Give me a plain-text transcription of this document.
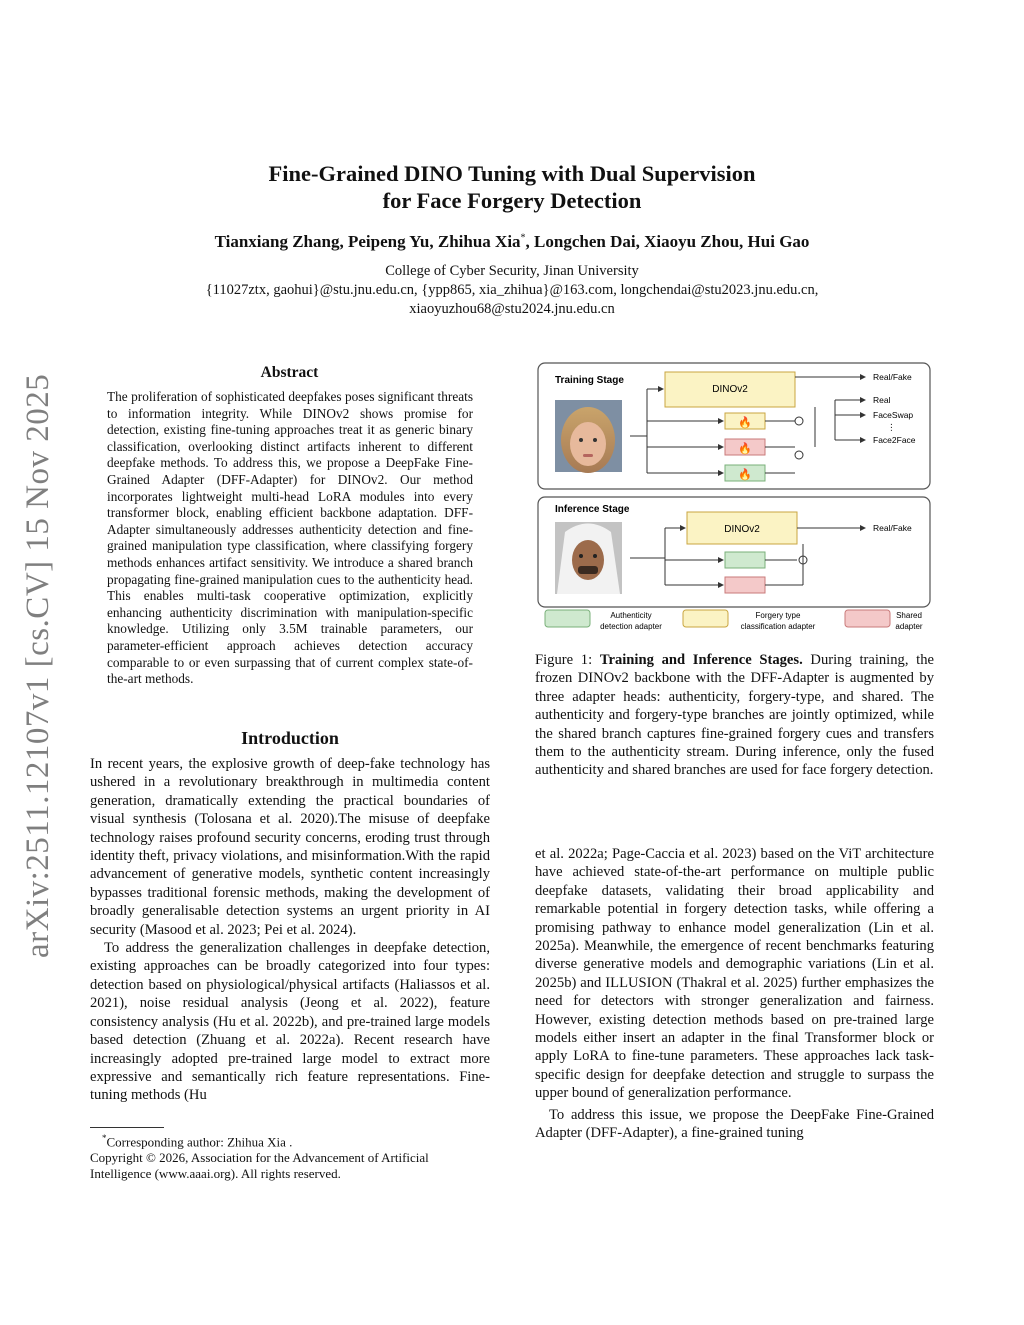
arXiv:2511.12107v1 [cs.CV] 15 Nov 2025
Fine-Grained DINO Tuning with Dual Supervision
for Face Forgery Detection
Tianxiang Zhang, Peipeng Yu, Zhihua Xia*, Longchen Dai, Xiaoyu Zhou, Hui Gao
College of Cyber Security, Jinan University
{11027ztx, gaohui}@stu.jnu.edu.cn, {ypp865, xia_zhihua}@163.com, longchendai@stu2023.jnu.edu.cn,
xiaoyuzhou68@stu2024.jnu.edu.cn
Abstract
The proliferation of sophisticated deepfakes poses significant threats to information integrity. While DINOv2 shows promise for detection, existing fine-tuning approaches treat it as generic binary classification, overlooking distinct artifacts inherent to different deepfake methods. To address this, we propose a DeepFake Fine-Grained Adapter (DFF-Adapter) for DINOv2. Our method incorporates lightweight multi-head LoRA modules into every transformer block, enabling efficient backbone adaptation. DFF-Adapter simultaneously addresses authenticity detection and fine-grained manipulation type classification, where classifying forgery methods enhances artifact sensitivity. We introduce a shared branch propagating fine-grained manipulation cues to the authenticity head. This enables multi-task cooperative optimization, explicitly enhancing authenticity discrimination with manipulation-specific knowledge. Utilizing only 3.5M trainable parameters, our parameter-efficient approach achieves detection accuracy comparable to or even surpassing that of current complex state-of-the-art methods.
Introduction

In recent years, the explosive growth of deep-fake technology has ushered in a revolutionary breakthrough in multimedia content generation, dramatically extending the practical boundaries of visual synthesis (Tolosana et al. 2020).The misuse of deepfake technology raises profound security concerns, eroding trust through identity theft, privacy violations, and misinformation.With the rapid advancement of generative models, synthetic content increasingly bypasses traditional forensic methods, making the development of broadly generalisable detection systems an urgent priority in AI security (Masood et al. 2023; Pei et al. 2024).

To address the generalization challenges in deepfake detection, existing approaches can be broadly categorized into four types: detection based on physiological/physical artifacts (Haliassos et al. 2021), noise residual analysis (Jeong et al. 2022), feature consistency analysis (Hu et al. 2022b), and pre-trained large models based detection (Zhuang et al. 2022a). Recent research have increasingly adopted pre-trained large model to extract more expressive and semantically rich feature representations. Fine-tuning methods (Hu

*Corresponding author: Zhihua Xia .
Copyright © 2026, Association for the Advancement of Artificial Intelligence (www.aaai.org). All rights reserved.
Training Stage
DINOv2
🔥
🔥
🔥
Real/Fake
Real
FaceSwap
⋮
Face2Face
Inference Stage
DINOv2	Real/Fake
Authenticity
detection adapter
Forgery type
classification adapter
Shared
adapter
Figure 1: Training and Inference Stages. During training, the frozen DINOv2 backbone with the DFF-Adapter is augmented by three adapter heads: authenticity, forgery-type, and shared. The authenticity and forgery-type branches are jointly optimized, while the shared branch captures fine-grained forgery cues and transfers them to the authenticity stream. During inference, only the fused authenticity and shared branches are used for face forgery detection.

et al. 2022a; Page-Caccia et al. 2023) based on the ViT architecture have achieved state-of-the-art performance on multiple public deepfake datasets, validating their broad applicability and remarkable potential in forgery detection tasks, while offering a promising pathway to enhance model generalization (Lin et al. 2025a). Meanwhile, the emergence of recent benchmarks featuring diverse generative models and demographic variations (Lin et al. 2025b) and ILLUSION (Thakral et al. 2025) further emphasizes the need for detectors with stronger generalization and fairness. However, existing detection methods based on pre-trained large models either insert an adapter in the final Transformer block or apply LoRA to fine-tune parameters. These approaches lack task-specific design for deepfake detection and struggle to surpass the upper bound of generalization performance.

To address this issue, we propose the DeepFake Fine-Grained Adapter (DFF-Adapter), a fine-grained tuning
